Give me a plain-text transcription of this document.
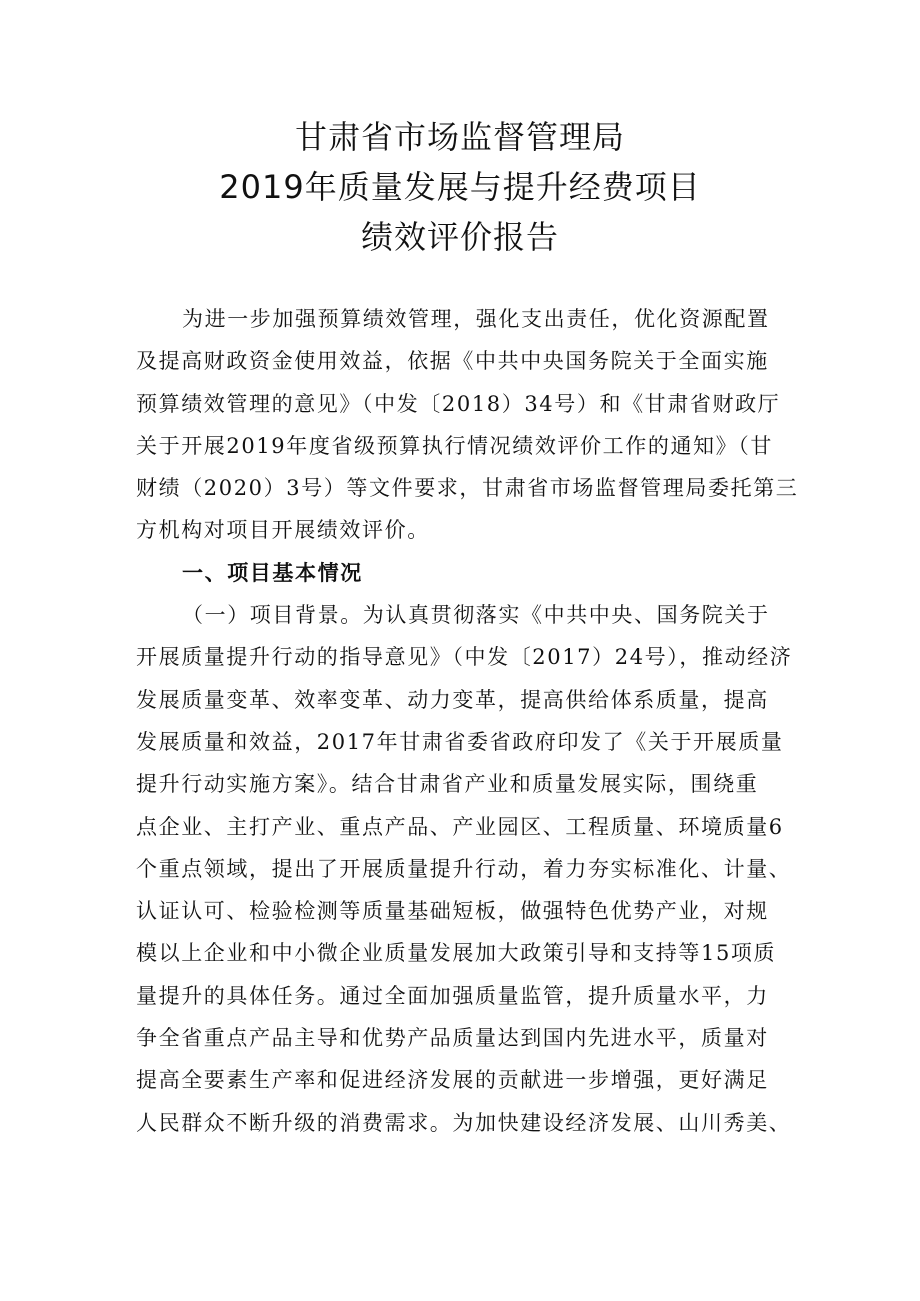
甘肃省市场监督管理局
2019年质量发展与提升经费项目
绩效评价报告
为进一步加强预算绩效管理，强化支出责任，优化资源配置
及提高财政资金使用效益，依据《中共中央国务院关于全面实施
预算绩效管理的意见》（中发〔2018）34号）和《甘肃省财政厅
关于开展2019年度省级预算执行情况绩效评价工作的通知》（甘
财绩（2020）3号）等文件要求，甘肃省市场监督管理局委托第三
方机构对项目开展绩效评价。
一、项目基本情况
（一）项目背景。为认真贯彻落实《中共中央、国务院关于
开展质量提升行动的指导意见》（中发〔2017）24号），推动经济
发展质量变革、效率变革、动力变革，提高供给体系质量，提高
发展质量和效益，2017年甘肃省委省政府印发了《关于开展质量
提升行动实施方案》。结合甘肃省产业和质量发展实际，围绕重
点企业、主打产业、重点产品、产业园区、工程质量、环境质量6
个重点领域，提出了开展质量提升行动，着力夯实标准化、计量、
认证认可、检验检测等质量基础短板，做强特色优势产业，对规
模以上企业和中小微企业质量发展加大政策引导和支持等15项质
量提升的具体任务。通过全面加强质量监管，提升质量水平，力
争全省重点产品主导和优势产品质量达到国内先进水平，质量对
提高全要素生产率和促进经济发展的贡献进一步增强，更好满足
人民群众不断升级的消费需求。为加快建设经济发展、山川秀美、
